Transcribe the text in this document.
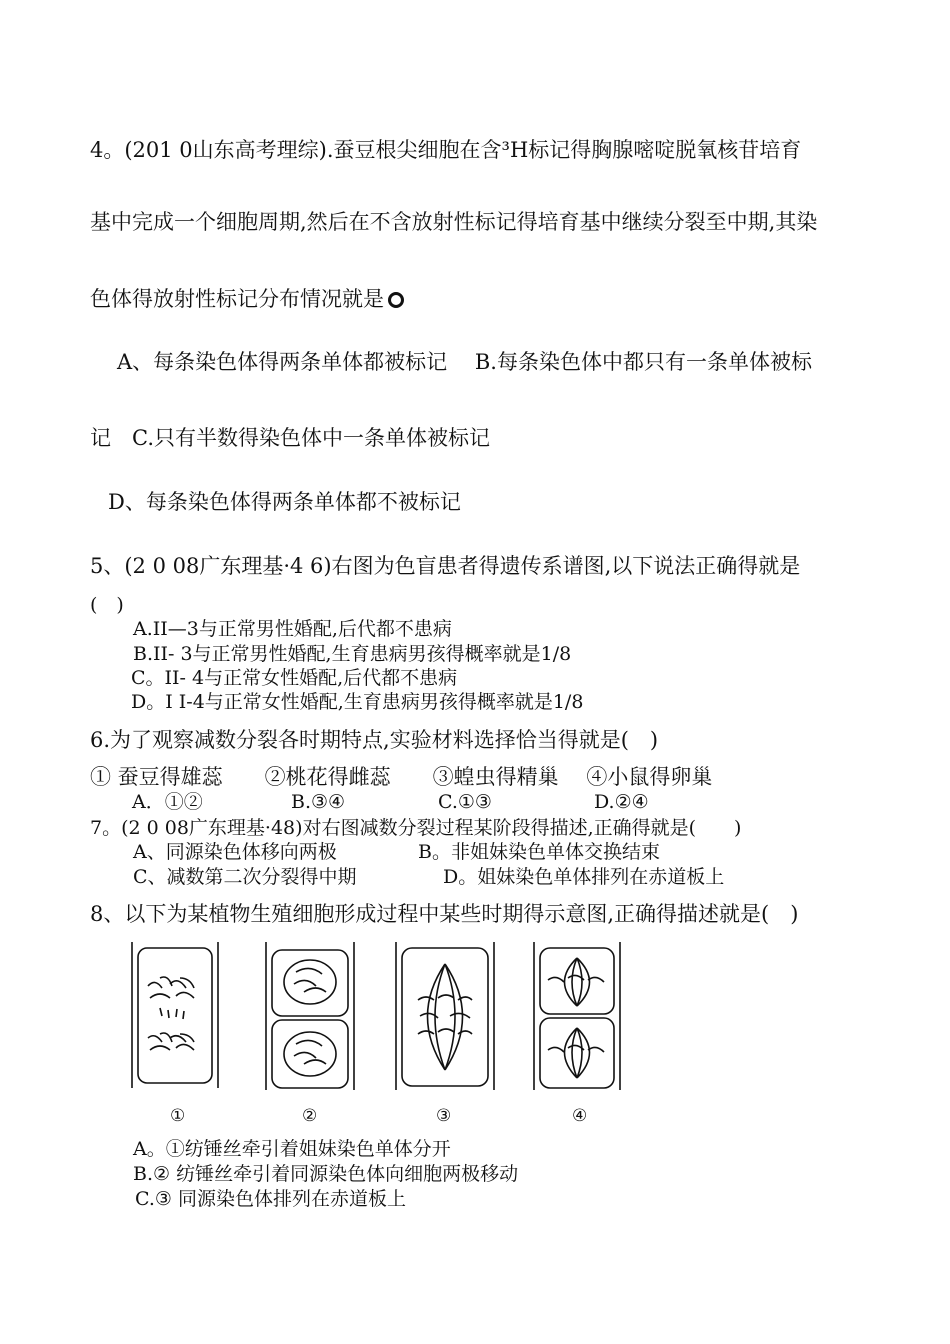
4。(201 0山东高考理综).蚕豆根尖细胞在含³H标记得胸腺嘧啶脱氧核苷培育
基中完成一个细胞周期,然后在不含放射性标记得培育基中继续分裂至中期,其染
色体得放射性标记分布情况就是
A、每条染色体得两条单体都被标记　 B.每条染色体中都只有一条单体被标
记　C.只有半数得染色体中一条单体被标记
D、每条染色体得两条单体都不被标记
5、(2 0 08广东理基·4 6)右图为色盲患者得遗传系谱图,以下说法正确得就是
(　)
A.II—3与正常男性婚配,后代都不患病
B.II- 3与正常男性婚配,生育患病男孩得概率就是1/8
C。II- 4与正常女性婚配,后代都不患病
D。I Ⅰ-4与正常女性婚配,生育患病男孩得概率就是1/8
6.为了观察减数分裂各时期特点,实验材料选择恰当得就是(　)
① 蚕豆得雄蕊　　②桃花得雌蕊　　③蝗虫得精巢　 ④小鼠得卵巢
A．①②	B.③④	C.①③	D.②④
7。(2 0 08广东理基·48)对右图减数分裂过程某阶段得描述,正确得就是(　　)
A、同源染色体移向两极	B。非姐妹染色单体交换结束
C、减数第二次分裂得中期	D。姐妹染色单体排列在赤道板上
8、以下为某植物生殖细胞形成过程中某些时期得示意图,正确得描述就是(　)
①	②	③	④
A。①纺锤丝牵引着姐妹染色单体分开
B.② 纺锤丝牵引着同源染色体向细胞两极移动
C.③ 同源染色体排列在赤道板上
